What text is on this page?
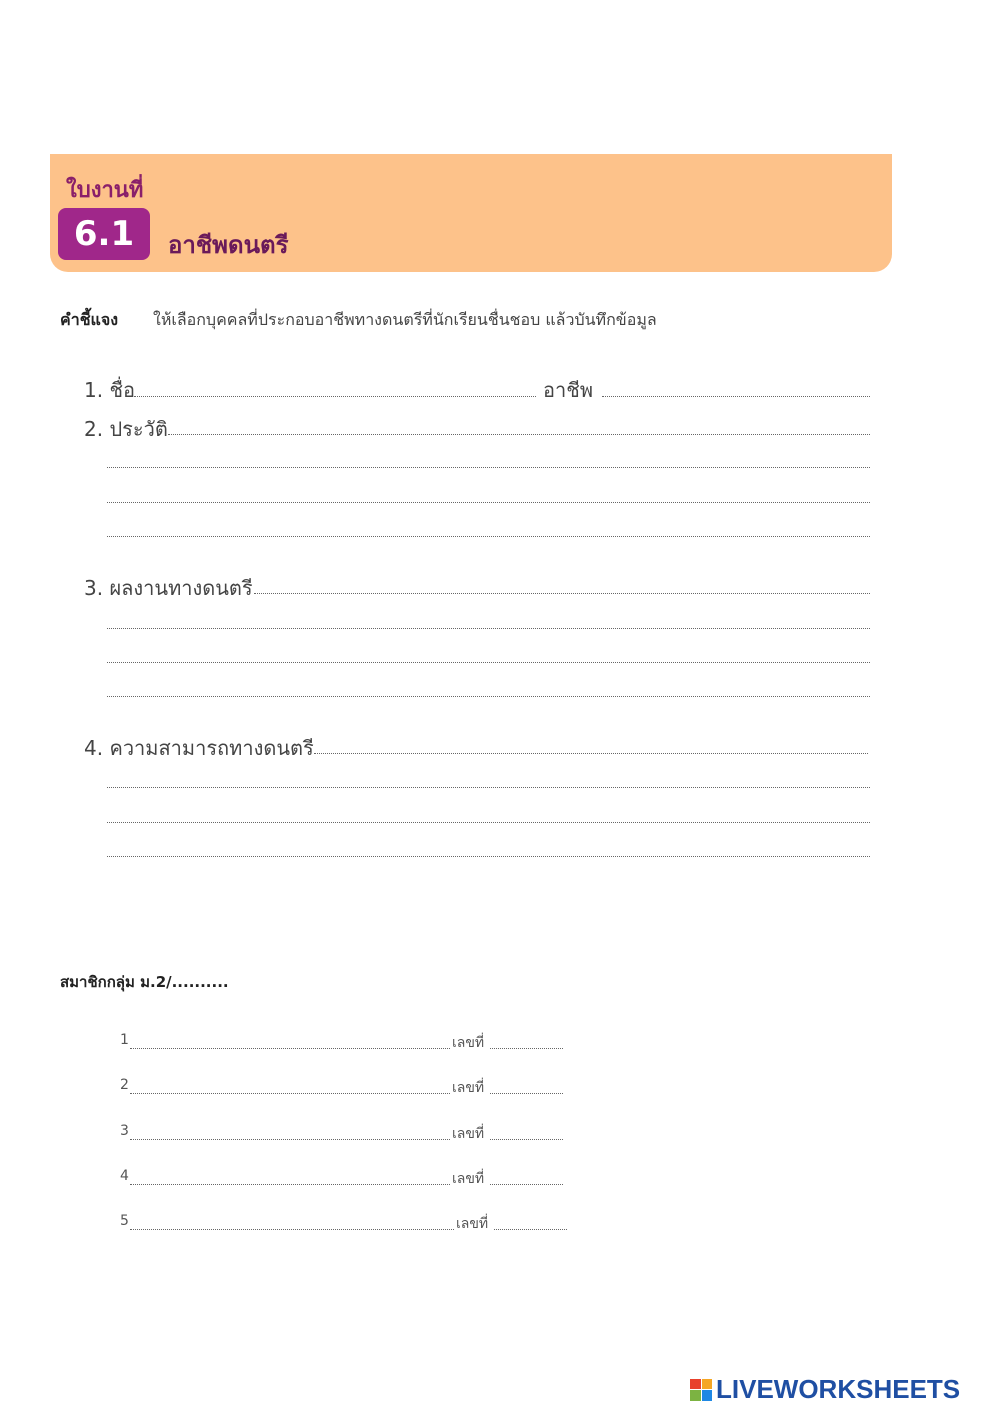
ใบงานที่
6.1	อาชีพดนตรี
คำชี้แจง ให้เลือกบุคคลที่ประกอบอาชีพทางดนตรีที่นักเรียนชื่นชอบ แล้วบันทึกข้อมูล
1. ชื่อ	อาชีพ
2. ประวัติ
3. ผลงานทางดนตรี
4. ความสามารถทางดนตรี
สมาชิกกลุ่ม ม.2/..........
1	เลขที่
2	เลขที่
3	เลขที่
4	เลขที่
5	เลขที่
LIVEWORKSHEETS
